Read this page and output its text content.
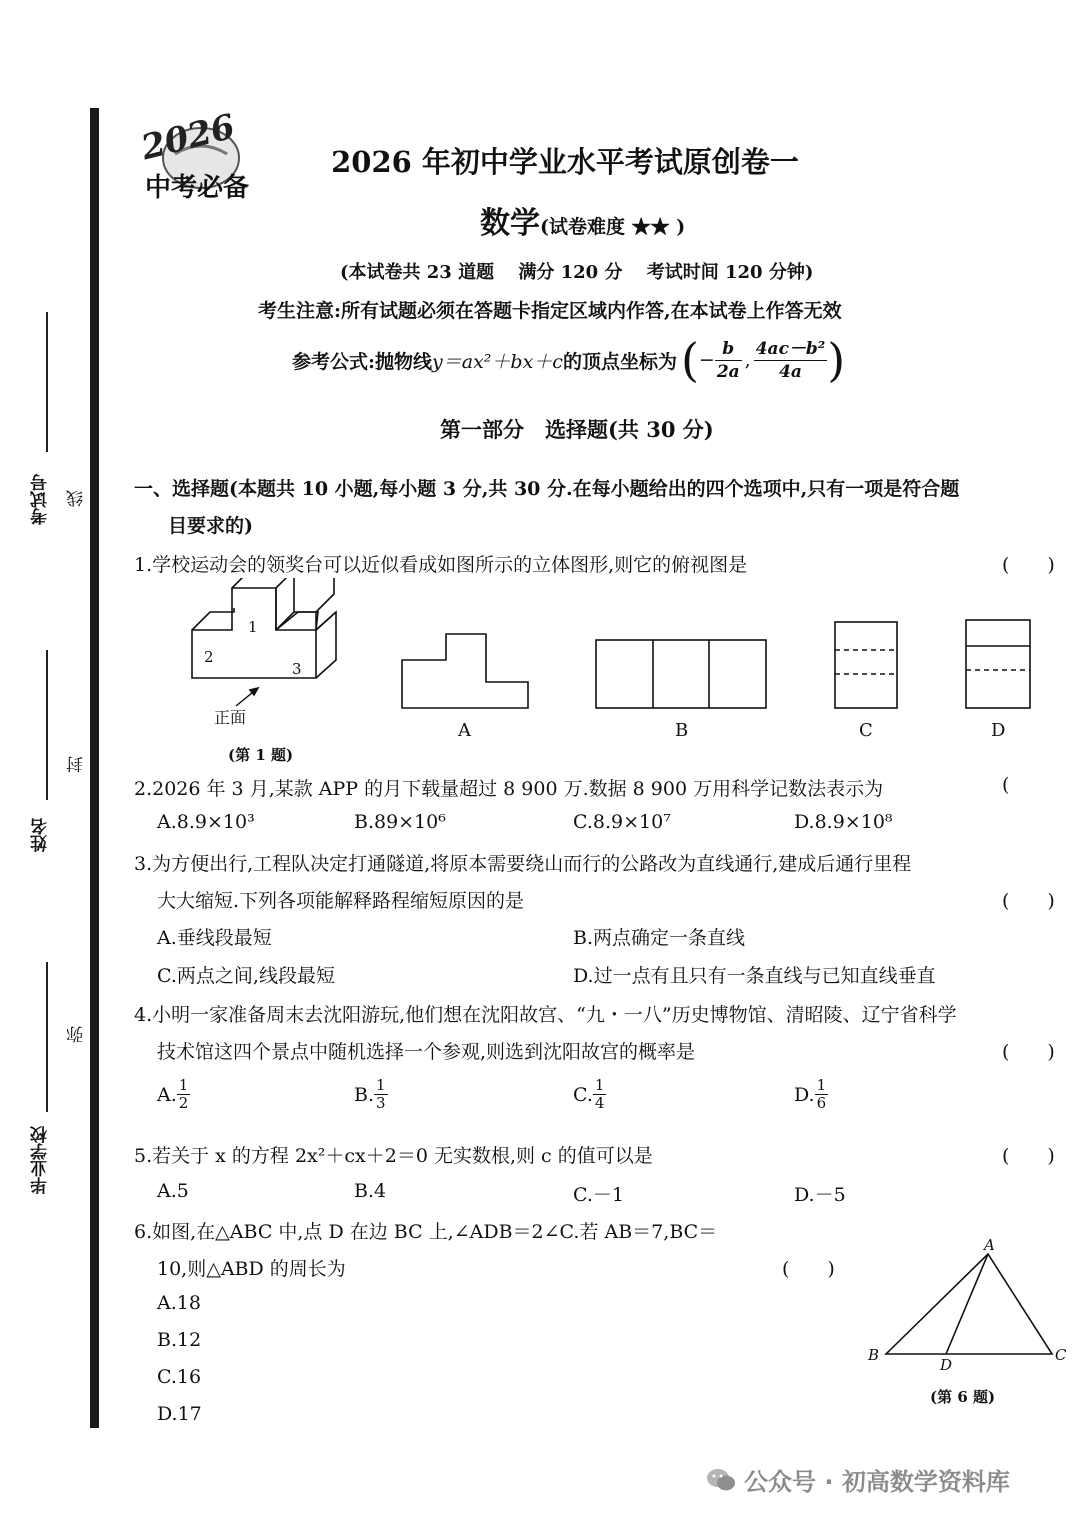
考试号 线
姓名
封
毕业学校
弥
2026
中考必备
2026 年初中学业水平考试原创卷一
数学(试卷难度 ★★ )
(本试卷共 23 道题　 满分 120 分　 考试时间 120 分钟)
考生注意:所有试题必须在答题卡指定区域内作答,在本试卷上作答无效
参考公式:抛物线 y＝ax²＋bx＋c 的顶点坐标为 ( − $\frac{b}{2a}$ , $\frac{\text{4ac－b²}}{4a}$ )
第一部分　选择题(共 30 分)
一、选择题(本题共 10 小题,每小题 3 分,共 30 分.在每小题给出的四个选项中,只有一项是符合题
目要求的)
1.学校运动会的领奖台可以近似看成如图所示的立体图形,则它的俯视图是	(　　)
1
2
3
正面
(第 1 题)
A	B	C	D
2.2026 年 3 月,某款 APP 的月下载量超过 8 900 万.数据 8 900 万用科学记数法表示为	(
A.8.9×10³	B.89×10⁶	C.8.9×10⁷	D.8.9×10⁸
3.为方便出行,工程队决定打通隧道,将原本需要绕山而行的公路改为直线通行,建成后通行里程
大大缩短.下列各项能解释路程缩短原因的是	(　　)
A.垂线段最短	B.两点确定一条直线
C.两点之间,线段最短	D.过一点有且只有一条直线与已知直线垂直
4.小明一家准备周末去沈阳游玩,他们想在沈阳故宫、“九・一八”历史博物馆、清昭陵、辽宁省科学
技术馆这四个景点中随机选择一个参观,则选到沈阳故宫的概率是	(　　)
A. $\frac{1}{2}$	B. $\frac{1}{3}$	C. $\frac{1}{4}$	D. $\frac{1}{6}$
5.若关于 x 的方程 2x²＋cx＋2＝0 无实数根,则 c 的值可以是	(　　)
A.5	B.4	C.－1	D.－5
6.如图,在△ABC 中,点 D 在边 BC 上,∠ADB＝2∠C.若 AB＝7,BC＝
10,则△ABD 的周长为	(　　)
A.18
B.12
C.16
D.17
A
B	C
D
(第 6 题)
公众号 · 初高数学资料库
